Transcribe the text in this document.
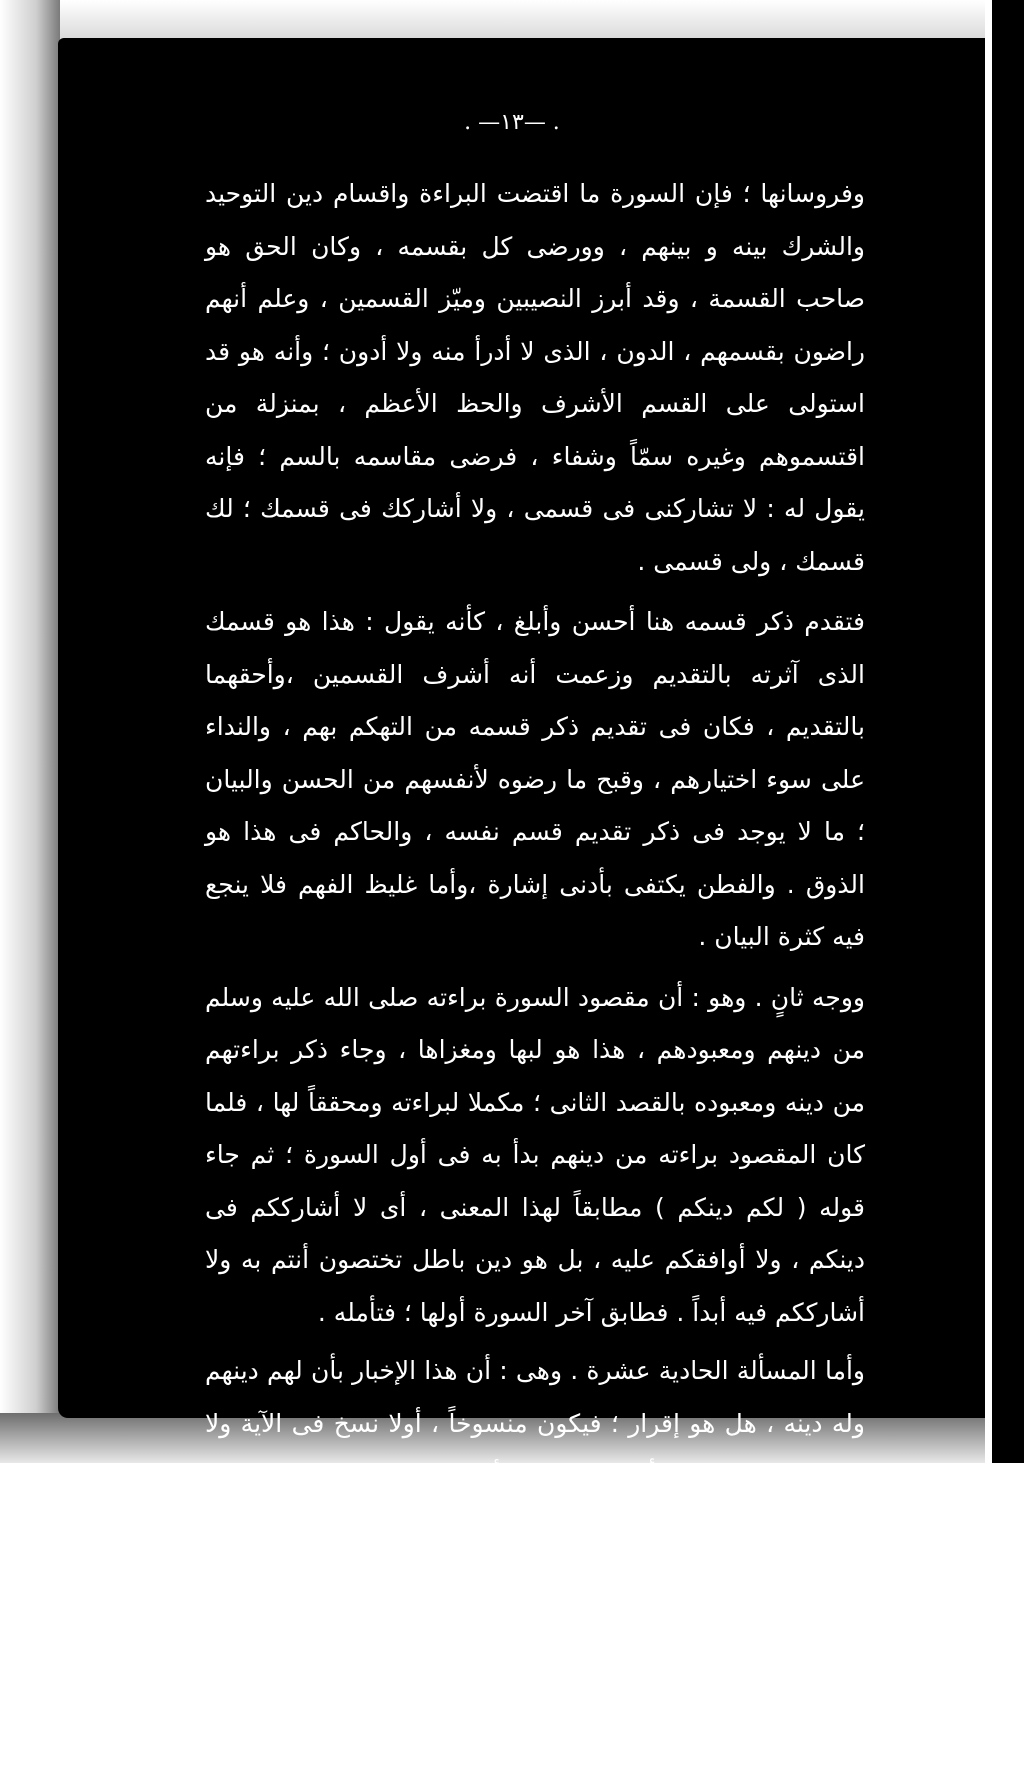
. —١٣— .

وفروسانها ؛ فإن السورة ما اقتضت البراءة واقسام دين التوحيد والشرك بينه و بينهم ، وورضى كل بقسمه ، وكان الحق هو صاحب القسمة ، وقد أبرز النصيبين وميّز القسمين ، وعلم أنهم راضون بقسمهم ، الدون ، الذى لا أدرأ منه ولا أدون ؛ وأنه هو قد استولى على القسم الأشرف والحظ الأعظم ، بمنزلة من اقتسموهم وغيره سمّاً وشفاء ، فرضى مقاسمه بالسم ؛ فإنه يقول له : لا تشاركنى فى قسمى ، ولا أشاركك فى قسمك ؛ لك قسمك ، ولى قسمى .

فتقدم ذكر قسمه هنا أحسن وأبلغ ، كأنه يقول : هذا هو قسمك الذى آثرته بالتقديم وزعمت أنه أشرف القسمين ،وأحقهما بالتقديم ، فكان فى تقديم ذكر قسمه من التهكم بهم ، والنداء على سوء اختيارهم ، وقبح ما رضوه لأنفسهم من الحسن والبيان ؛ ما لا يوجد فى ذكر تقديم قسم نفسه ، والحاكم فى هذا هو الذوق . والفطن يكتفى بأدنى إشارة ،وأما غليظ الفهم فلا ينجع فيه كثرة البيان .

ووجه ثانٍ . وهو : أن مقصود السورة براءته صلى الله عليه وسلم من دينهم ومعبودهم ، هذا هو لبها ومغزاها ، وجاء ذكر براءتهم من دينه ومعبوده بالقصد الثانى ؛ مكملا لبراءته ومحققاً لها ، فلما كان المقصود براءته من دينهم بدأ به فى أول السورة ؛ ثم جاء قوله ( لكم دينكم ) مطابقاً لهذا المعنى ، أى لا أشارككم فى دينكم ، ولا أوافقكم عليه ، بل هو دين باطل تختصون أنتم به ولا أشارككم فيه أبداً . فطابق آخر السورة أولها ؛ فتأمله .

وأما المسألة الحادية عشرة . وهى : أن هذا الإخبار بأن لهم دينهم وله دينه ، هل هو إقرار ؛ فيكون منسوخاً ، أولا نسخ فى الآية ولا تخصيص ؟ فهذه مسألة شريفة من أهم المسائل المذكورة ، وقد غلط فى السورة خلائق وظنوها منسوخة بآية السيف ؛ لاعتقادهم أن هذه الآية اقتضت التقرير لهم على دينهم ، وظن آخرون أنها مخصوصة بمن يقرون على دينهم وهم أهل الكتاب ، وكلا القولين غلط محض ، فلا نسخ فى السورة ولا تخصيص ، بل هى محكمة ، وعمومها
